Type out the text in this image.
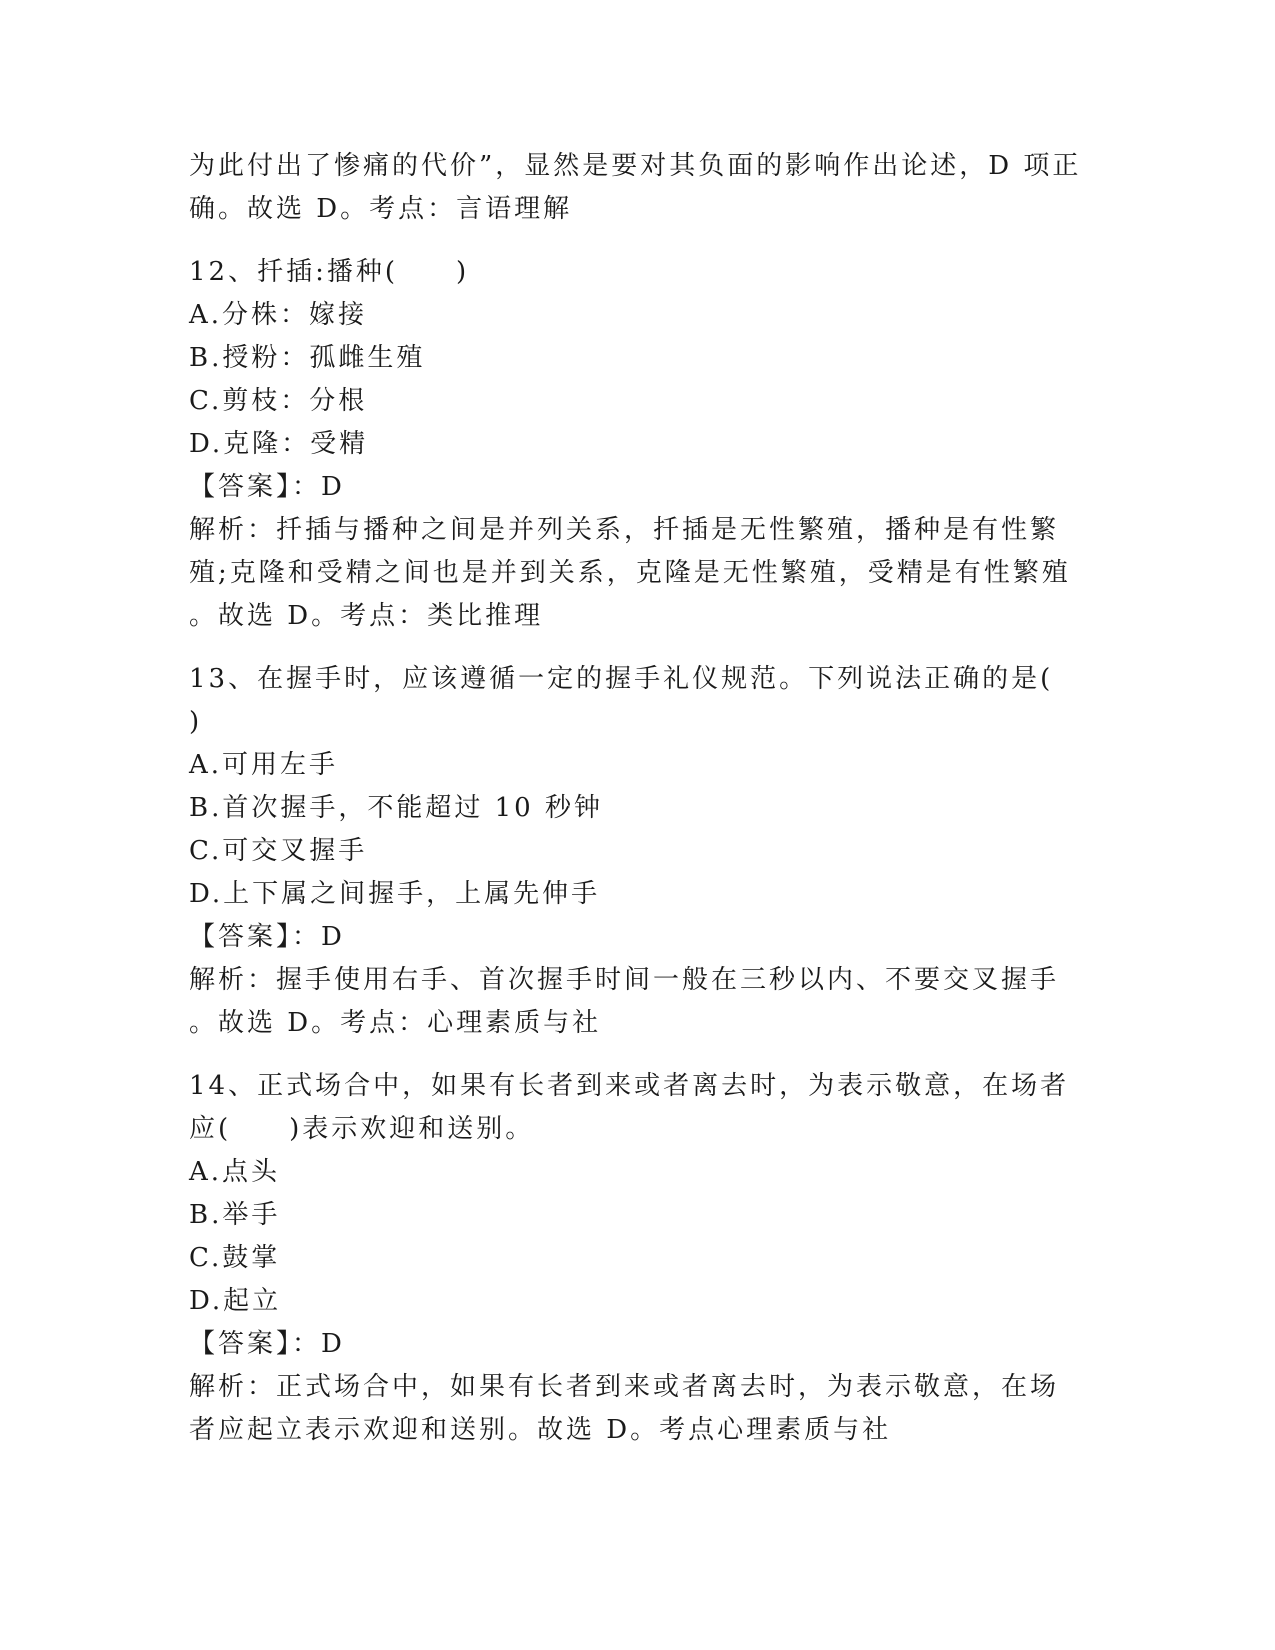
为此付出了惨痛的代价”，显然是要对其负面的影响作出论述，D 项正
确。故选 D。考点：言语理解
12、扦插:播种(　　)
A.分株：嫁接
B.授粉：孤雌生殖
C.剪枝：分根
D.克隆：受精
【答案】：D
解析：扦插与播种之间是并列关系，扦插是无性繁殖，播种是有性繁
殖;克隆和受精之间也是并到关系，克隆是无性繁殖，受精是有性繁殖
。故选 D。考点：类比推理
13、在握手时，应该遵循一定的握手礼仪规范。下列说法正确的是(
)
A.可用左手
B.首次握手，不能超过 10 秒钟
C.可交叉握手
D.上下属之间握手，上属先伸手
【答案】：D
解析：握手使用右手、首次握手时间一般在三秒以内、不要交叉握手
。故选 D。考点：心理素质与社
14、正式场合中，如果有长者到来或者离去时，为表示敬意，在场者
应(　　)表示欢迎和送别。
A.点头
B.举手
C.鼓掌
D.起立
【答案】：D
解析：正式场合中，如果有长者到来或者离去时，为表示敬意，在场
者应起立表示欢迎和送别。故选 D。考点心理素质与社
